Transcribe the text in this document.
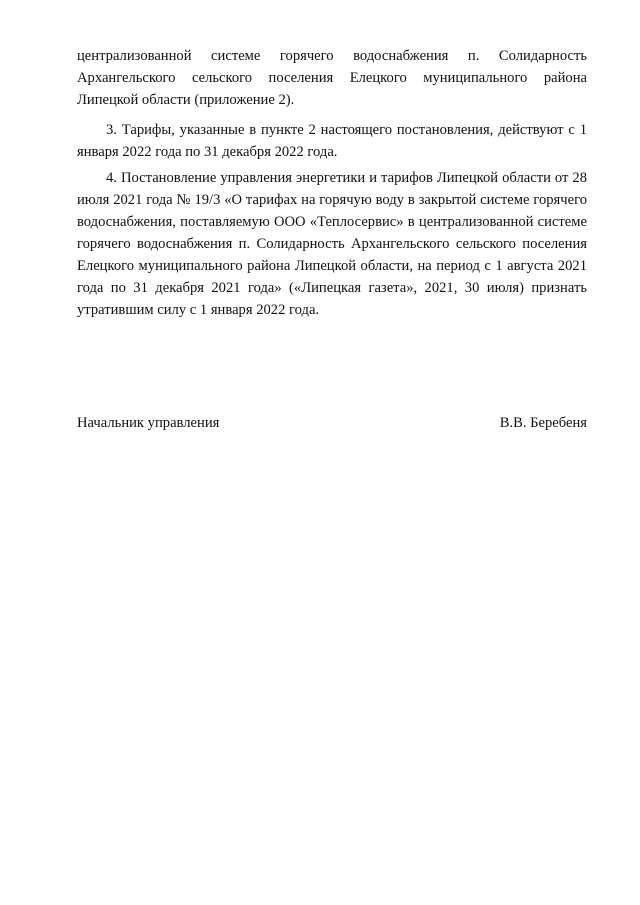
централизованной системе горячего водоснабжения п. Солидарность Архангельского сельского поселения Елецкого муниципального района Липецкой области (приложение 2).

3. Тарифы, указанные в пункте 2 настоящего постановления, действуют с 1 января 2022 года по 31 декабря 2022 года.

4. Постановление управления энергетики и тарифов Липецкой области от 28 июля 2021 года № 19/3 «О тарифах на горячую воду в закрытой системе горячего водоснабжения, поставляемую ООО «Теплосервис» в централизованной системе горячего водоснабжения п. Солидарность Архангельского сельского поселения Елецкого муниципального района Липецкой области, на период с 1 августа 2021 года по 31 декабря 2021 года» («Липецкая газета», 2021, 30 июля) признать утратившим силу с 1 января 2022 года.

Начальник управления	В.В. Беребеня
